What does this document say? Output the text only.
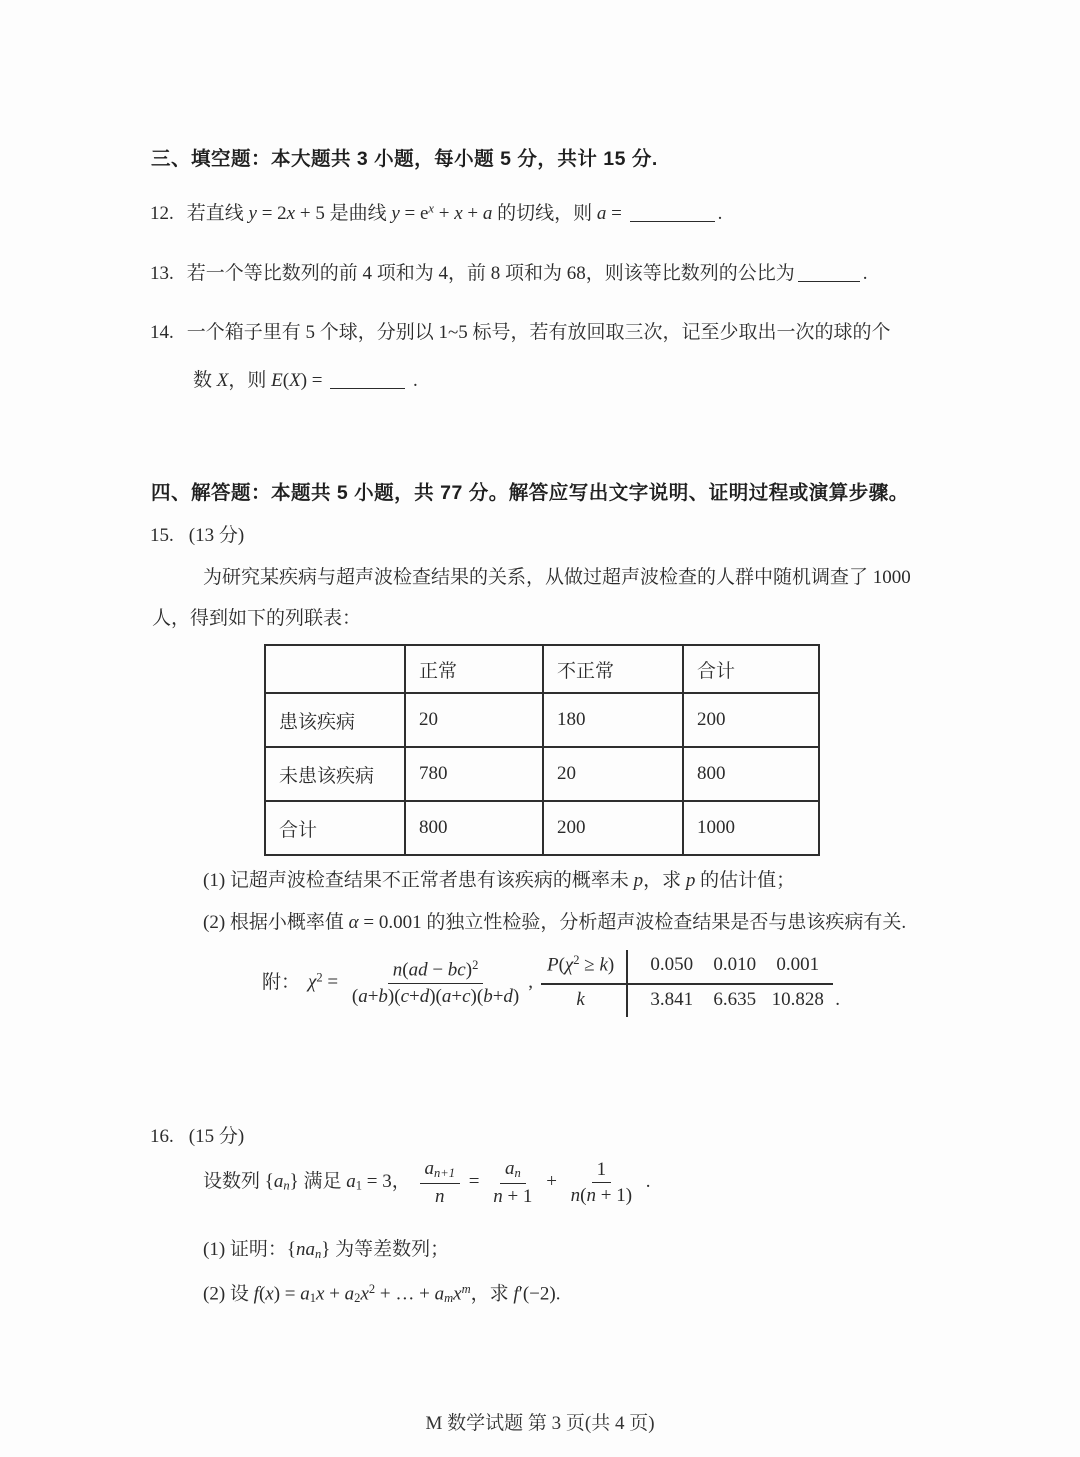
三、填空题：本大题共 3 小题，每小题 5 分，共计 15 分.
12. 若直线 y = 2x + 5 是曲线 $y = e^x + x + a$ 的切线，则 a =	.
13. 若一个等比数列的前 4 项和为 4，前 8 项和为 68，则该等比数列的公比为	.
14. 一个箱子里有 5 个球，分别以 1~5 标号，若有放回取三次，记至少取出一次的球的个
数 X，则 E(X) =	.
四、解答题：本题共 5 小题，共 77 分。解答应写出文字说明、证明过程或演算步骤。
15. (13 分)
为研究某疾病与超声波检查结果的关系，从做过超声波检查的人群中随机调查了 1000
人，得到如下的列联表：
	正常	不正常	合计
患该疾病	20	180	200
未患该疾病	780	20	800
合计	800	200	1000
(1) 记超声波检查结果不正常者患有该疾病的概率未 p，求 p 的估计值；
(2) 根据小概率值 α = 0.001 的独立性检验，分析超声波检查结果是否与患该疾病有关.
附： $\chi^2 = \frac{n(ad - bc)^2}{(a+b)(c+d)(a+c)(b+d)}$ ,
$P(\chi^2 \ge k)$	0.050	0.010	0.001
k	3.841	6.635 10.828 .
16. (15 分)
设数列 $\{a_n\}$ 满足 $a_1 = 3$， $\frac{a_{n+1}}{n} = \frac{a_n}{n + 1} + \frac{1}{n(n + 1)}$ .
(1) 证明：$\{na_n\}$ 为等差数列；
(2) 设 $f(x) = a_1x + a_2x^2$ + … + $a_mx^m$，求 f′(−2).
M 数学试题 第 3 页(共 4 页)
